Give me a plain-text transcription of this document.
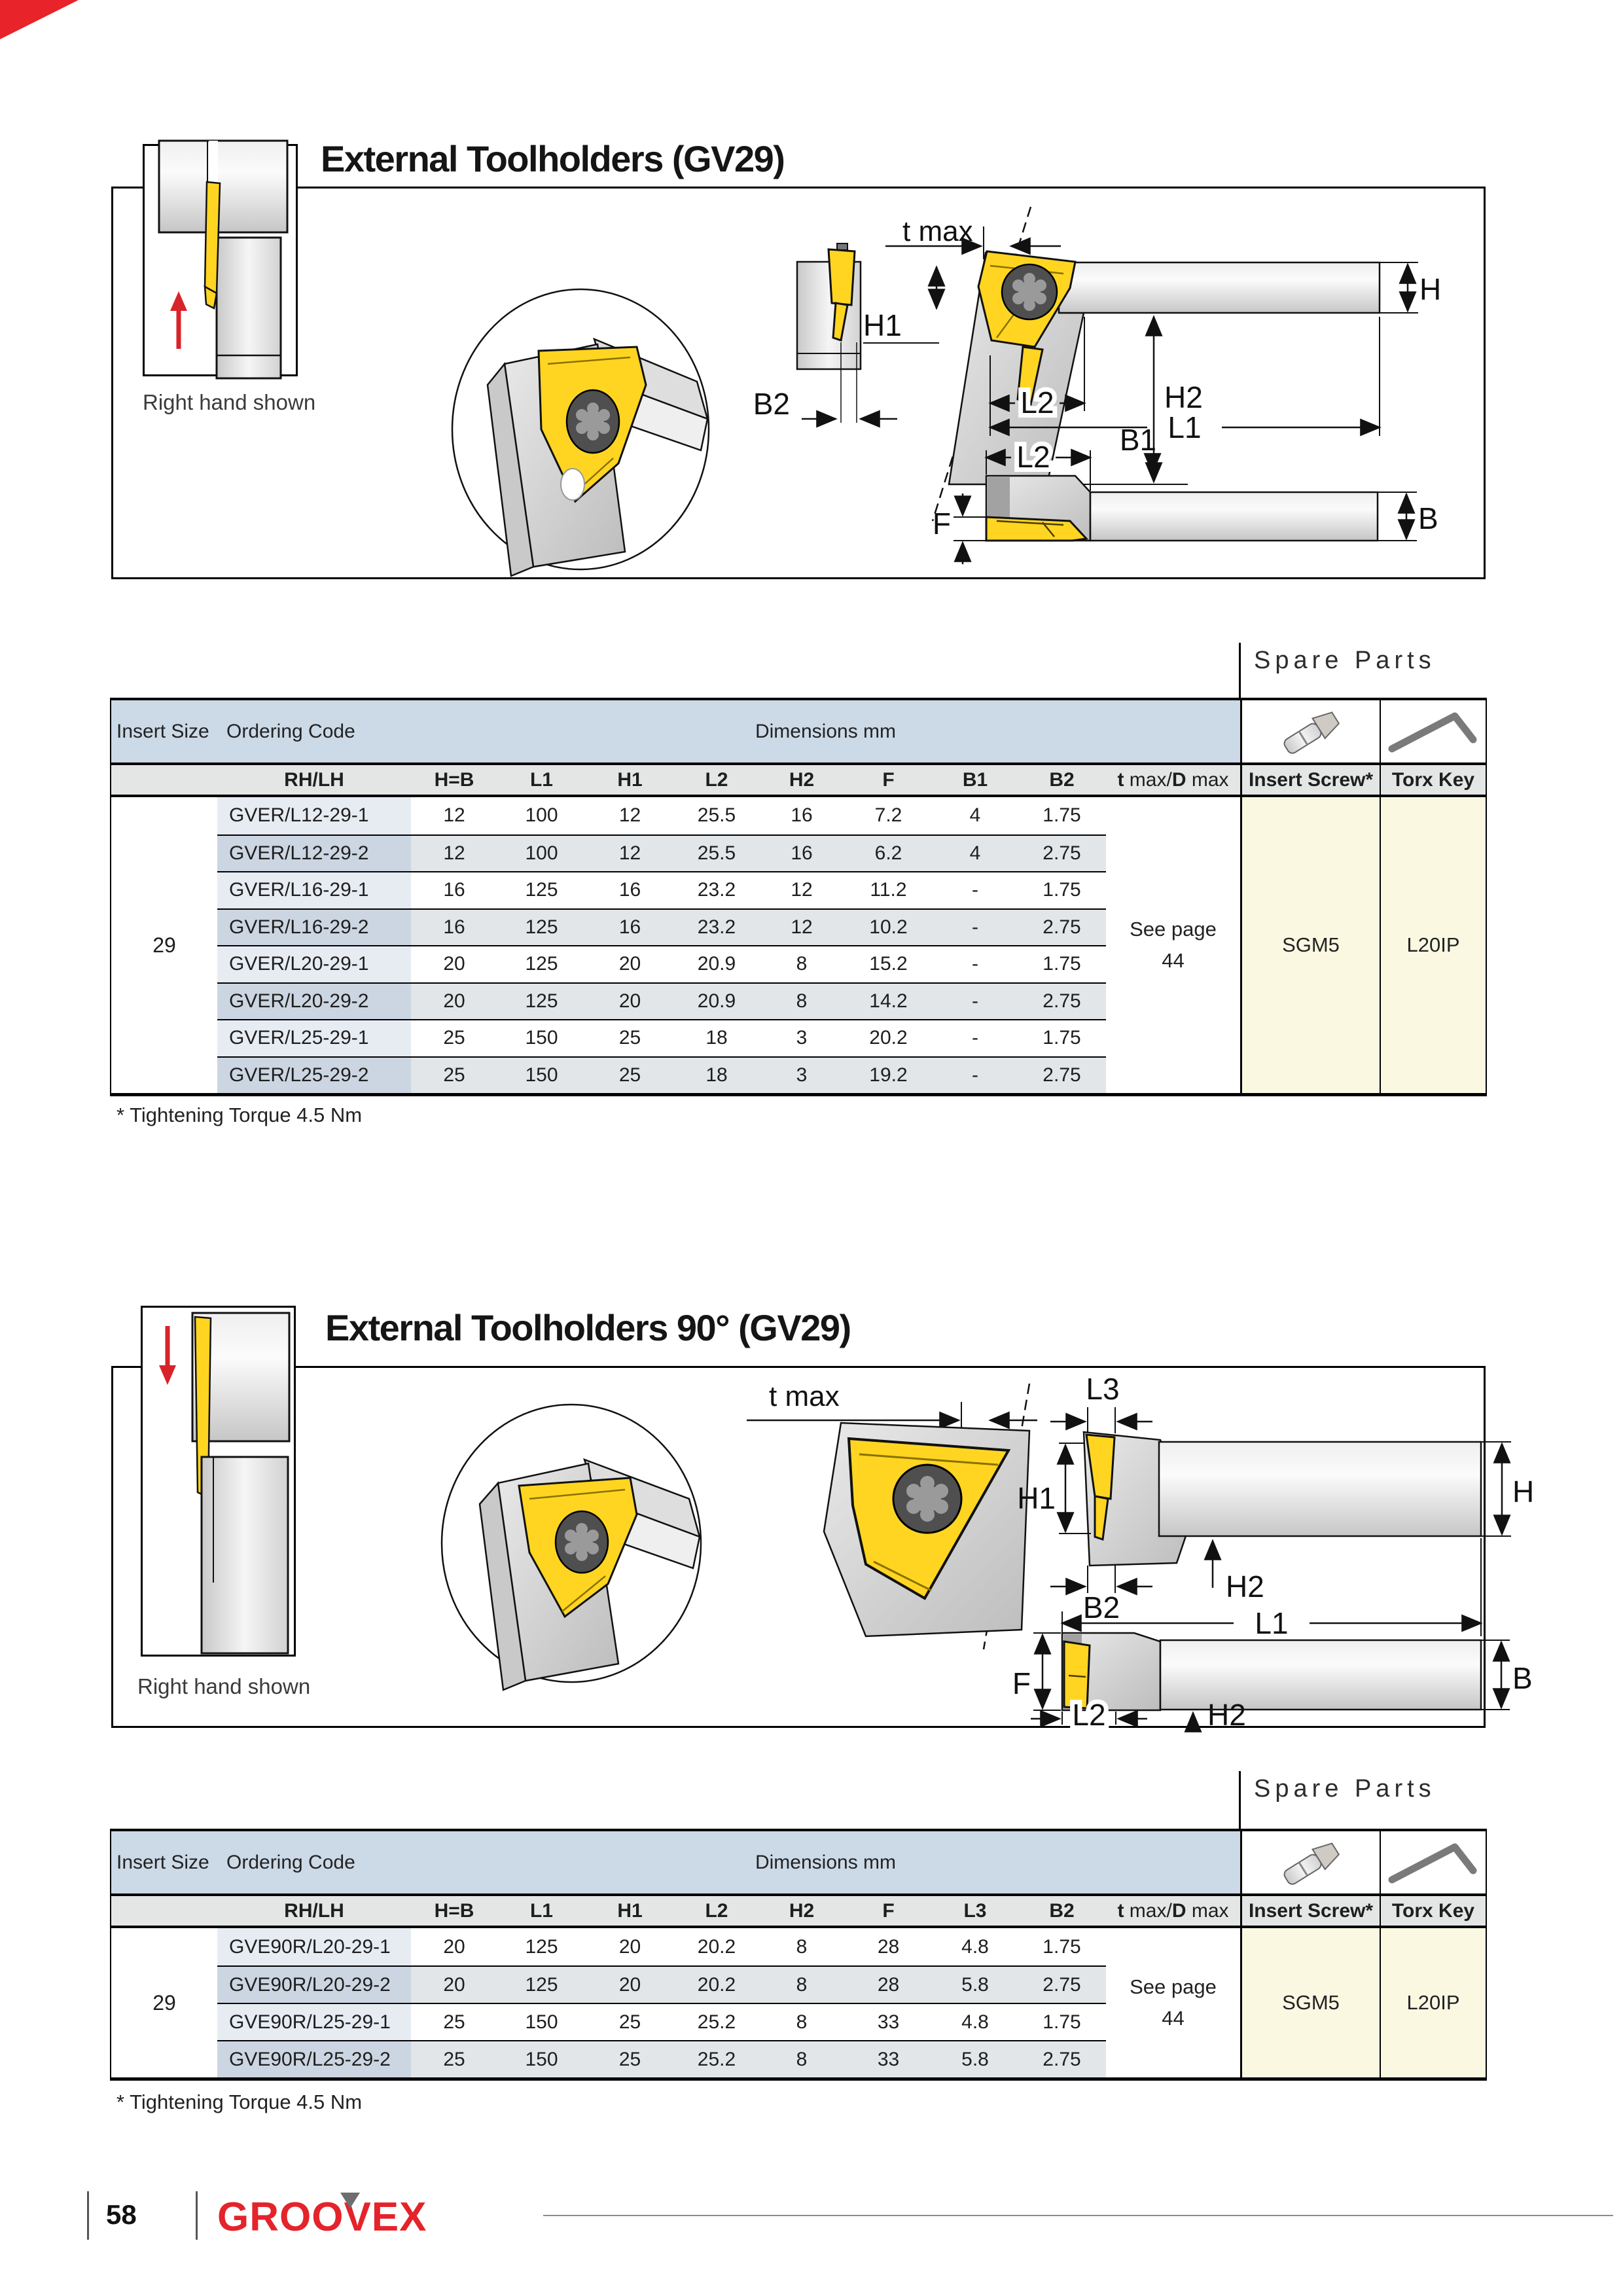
External Toolholders (GV29)
B2
t max
H
H1
H2
L2
L1
B1
F	B
L2
Right hand shown
Spare Parts
Insert Size Ordering Code	Dimensions mm
RH/LH	H=B	L1	H1	L2	H2	F	B1	B2	t max/ D max	Insert Screw* Torx Key
29
See page
44
SGM5	L20IP
GVER/L12-29-1	12	100	12	25.5	16	7.2	4	1.75
GVER/L12-29-2	12	100	12	25.5	16	6.2	4	2.75
GVER/L16-29-1	16	125	16	23.2	12	11.2	-	1.75
GVER/L16-29-2	16	125	16	23.2	12	10.2	-	2.75
GVER/L20-29-1	20	125	20	20.9	8	15.2	-	1.75
GVER/L20-29-2	20	125	20	20.9	8	14.2	-	2.75
GVER/L25-29-1	25	150	25	18	3	20.2	-	1.75
GVER/L25-29-2	25	150	25	18	3	19.2	-	2.75
* Tightening Torque 4.5 Nm
External Toolholders 90° (GV29)
t max	L3
H1	H
B2
H2
L1
F	B
L2	H2
Right hand shown
Spare Parts
Insert Size Ordering Code	Dimensions mm
RH/LH	H=B	L1	H1	L2	H2	F	L3	B2	t max/ D max	Insert Screw* Torx Key
29
See page
44
SGM5	L20IP
GVE90R/L20-29-1	20	125	20	20.2	8	28	4.8	1.75
GVE90R/L20-29-2	20	125	20	20.2	8	28	5.8	2.75
GVE90R/L25-29-1	25	150	25	25.2	8	33	4.8	1.75
GVE90R/L25-29-2	25	150	25	25.2	8	33	5.8	2.75
* Tightening Torque 4.5 Nm
58 GROOVEX
